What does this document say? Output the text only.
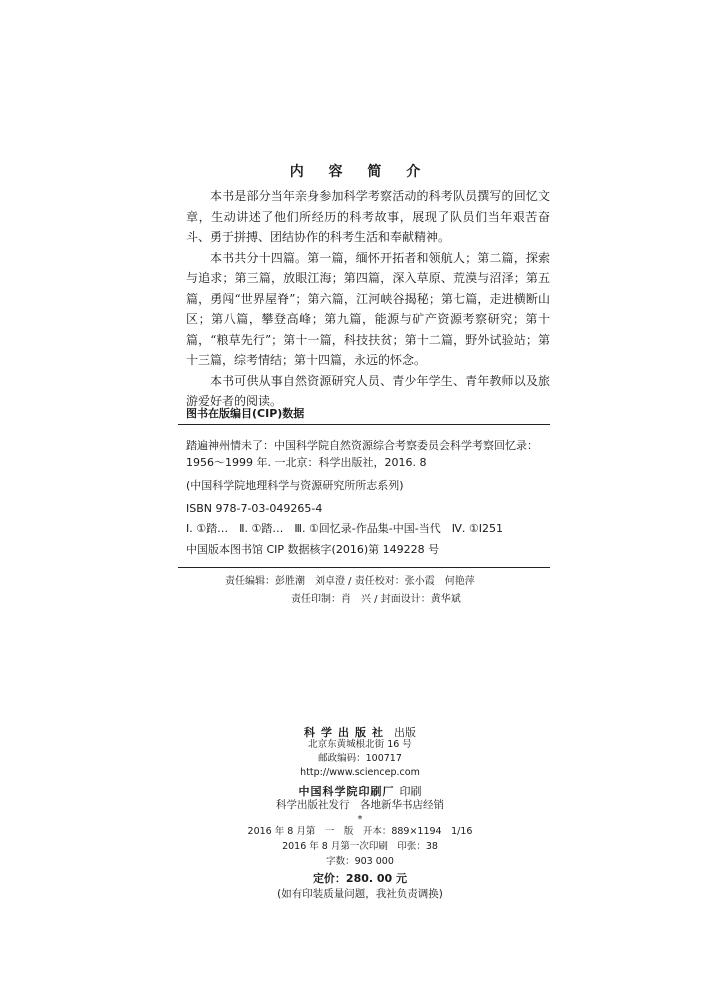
内 容 简 介

本书是部分当年亲身参加科学考察活动的科考队员撰写的回忆文章，生动讲述了他们所经历的科考故事，展现了队员们当年艰苦奋斗、勇于拼搏、团结协作的科考生活和奉献精神。

本书共分十四篇。第一篇，缅怀开拓者和领航人；第二篇，探索与追求；第三篇，放眼江海；第四篇，深入草原、荒漠与沼泽；第五篇，勇闯“世界屋脊”；第六篇，江河峡谷揭秘；第七篇，走进横断山区；第八篇，攀登高峰；第九篇，能源与矿产资源考察研究；第十篇，“粮草先行”；第十一篇，科技扶贫；第十二篇，野外试验站；第十三篇，综考情结；第十四篇，永远的怀念。

本书可供从事自然资源研究人员、青少年学生、青年教师以及旅游爱好者的阅读。

图书在版编目(CIP)数据
踏遍神州情未了：中国科学院自然资源综合考察委员会科学考察回忆录：
1956～1999 年. 一北京：科学出版社，2016. 8
(中国科学院地理科学与资源研究所所志系列)
ISBN 978-7-03-049265-4
Ⅰ. ①踏…　Ⅱ. ①踏…　Ⅲ. ①回忆录-作品集-中国-当代　Ⅳ. ①I251
中国版本图书馆 CIP 数据核字(2016)第 149228 号
责任编辑：彭胜潮　刘卓澄 / 责任校对：张小霞　何艳萍
责任印制：肖　兴 / 封面设计：黄华斌
科学出版社 出版
北京东黄城根北街 16 号
邮政编码：100717
http://www.sciencep.com
中国科学院印刷厂 印刷
科学出版社发行　各地新华书店经销
*
2016 年 8 月第　一　版　开本：889×1194　1/16
2016 年 8 月第一次印刷　印张：38
字数：903 000
定价：280. 00 元
(如有印装质量问题，我社负责调换)
